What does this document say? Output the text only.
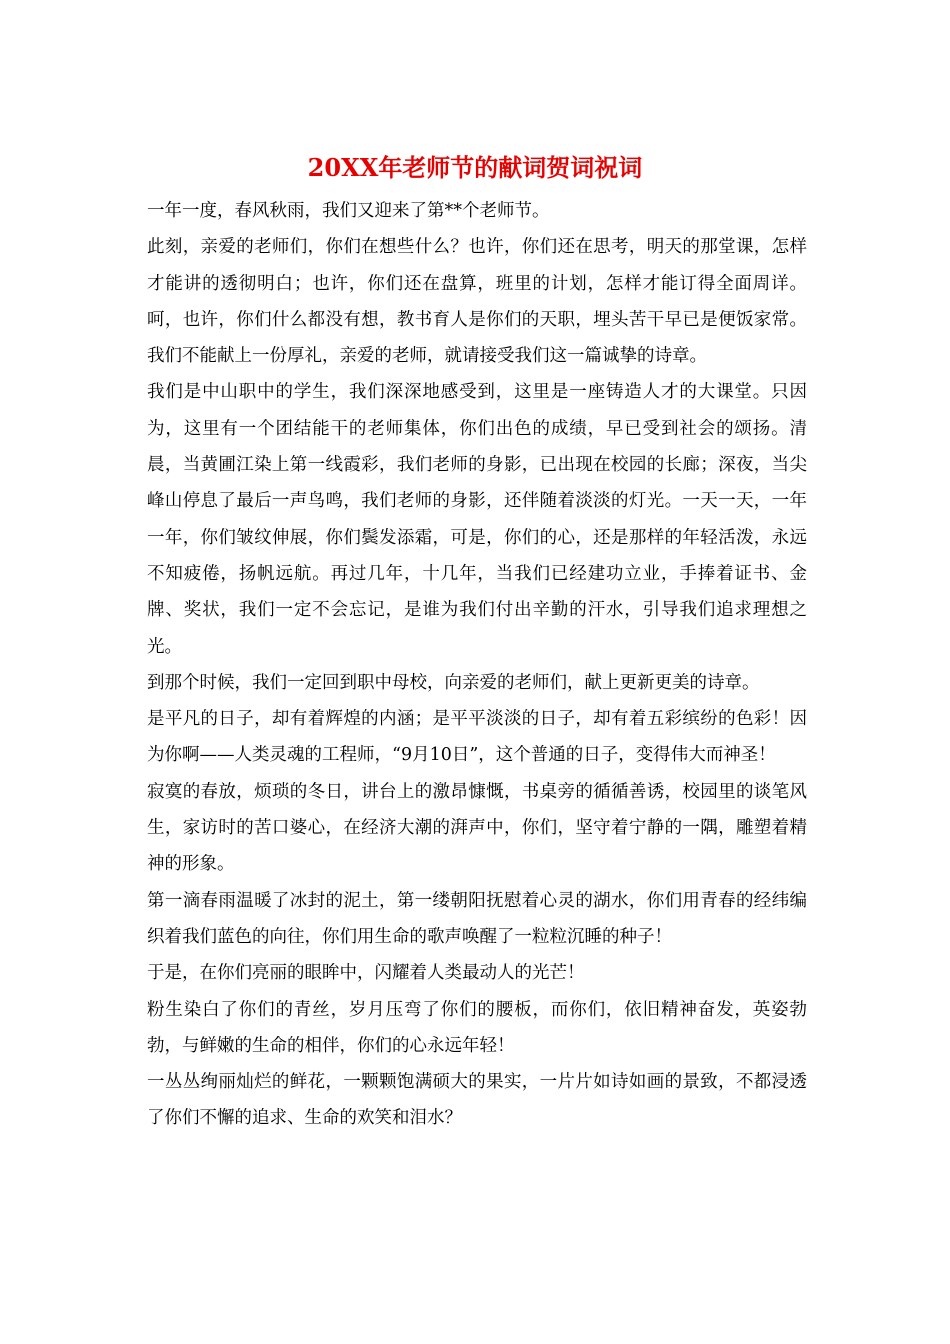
20XX年老师节的献词贺词祝词

一年一度，春风秋雨，我们又迎来了第**个老师节。

此刻，亲爱的老师们，你们在想些什么？也许，你们还在思考，明天的那堂课，怎样才能讲的透彻明白；也许，你们还在盘算，班里的计划，怎样才能订得全面周详。呵，也许，你们什么都没有想，教书育人是你们的天职，埋头苦干早已是便饭家常。我们不能献上一份厚礼，亲爱的老师，就请接受我们这一篇诚挚的诗章。

我们是中山职中的学生，我们深深地感受到，这里是一座铸造人才的大课堂。只因为，这里有一个团结能干的老师集体，你们出色的成绩，早已受到社会的颂扬。清晨，当黄圃江染上第一线霞彩，我们老师的身影，已出现在校园的长廊；深夜，当尖峰山停息了最后一声鸟鸣，我们老师的身影，还伴随着淡淡的灯光。一天一天，一年一年，你们皱纹伸展，你们鬓发添霜，可是，你们的心，还是那样的年轻活泼，永远不知疲倦，扬帆远航。再过几年，十几年，当我们已经建功立业，手捧着证书、金牌、奖状，我们一定不会忘记，是谁为我们付出辛勤的汗水，引导我们追求理想之光。

到那个时候，我们一定回到职中母校，向亲爱的老师们，献上更新更美的诗章。

是平凡的日子，却有着辉煌的内涵；是平平淡淡的日子，却有着五彩缤纷的色彩！因为你啊——人类灵魂的工程师，“9月10日”，这个普通的日子，变得伟大而神圣！

寂寞的春放，烦琐的冬日，讲台上的激昂慷慨，书桌旁的循循善诱，校园里的谈笔风生，家访时的苦口婆心，在经济大潮的湃声中，你们，坚守着宁静的一隅，雕塑着精神的形象。

第一滴春雨温暖了冰封的泥土，第一缕朝阳抚慰着心灵的湖水，你们用青春的经纬编织着我们蓝色的向往，你们用生命的歌声唤醒了一粒粒沉睡的种子！

于是，在你们亮丽的眼眸中，闪耀着人类最动人的光芒！

粉生染白了你们的青丝，岁月压弯了你们的腰板，而你们，依旧精神奋发，英姿勃勃，与鲜嫩的生命的相伴，你们的心永远年轻！

一丛丛绚丽灿烂的鲜花，一颗颗饱满硕大的果实，一片片如诗如画的景致，不都浸透了你们不懈的追求、生命的欢笑和泪水？
